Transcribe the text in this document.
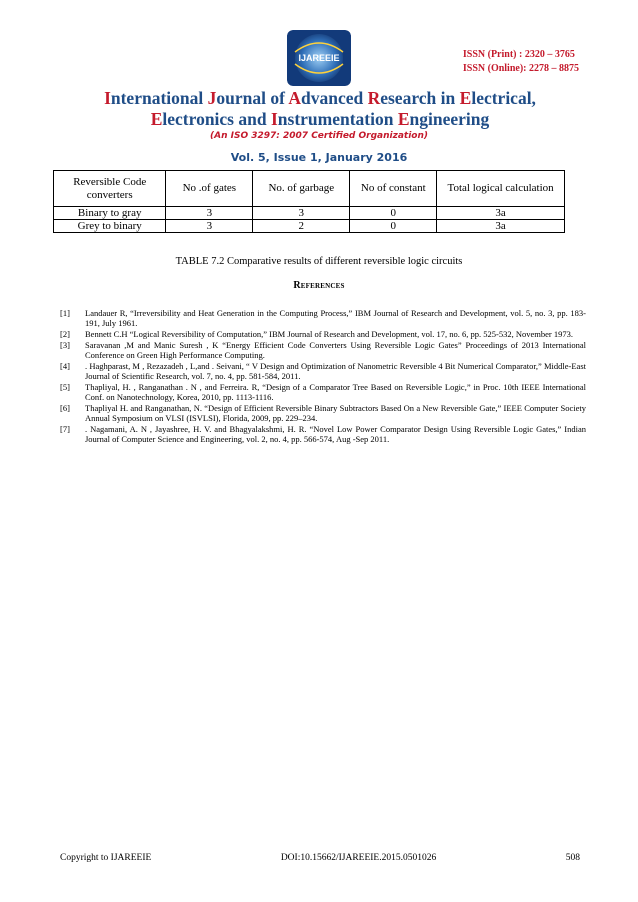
IJAREEIE	ISSN (Print) : 2320 – 3765
ISSN (Online): 2278 – 8875
International Journal of Advanced Research in Electrical,
Electronics and Instrumentation Engineering
(An ISO 3297: 2007 Certified Organization)
Vol. 5, Issue 1, January 2016
Reversible Code converters	No .of gates	No. of garbage	No of constant	Total logical calculation
Binary to gray	3	3	0	3a
Grey to binary	3	2	0	3a
TABLE 7.2 Comparative results of different reversible logic circuits
References
[1]	Landauer R, “Irreversibility and Heat Generation in the Computing Process,” IBM Journal of Research and Development, vol. 5, no. 3, pp. 183- 191, July 1961.
[2]	Bennett C.H “Logical Reversibility of Computation,” IBM Journal of Research and Development, vol. 17, no. 6, pp. 525-532, November 1973.
[3]	Saravanan ,M and Manic Suresh , K “Energy Efficient Code Converters Using Reversible Logic Gates” Proceedings of 2013 International Conference on Green High Performance Computing.
[4]	. Haghparast, M , Rezazadeh , L,and . Seivani, “ V Design and Optimization of Nanometric Reversible 4 Bit Numerical Comparator,” Middle-East Journal of Scientific Research, vol. 7, no. 4, pp. 581-584, 2011.
[5]	Thapliyal, H. , Ranganathan . N , and Ferreira. R, “Design of a Comparator Tree Based on Reversible Logic,” in Proc. 10th IEEE International Conf. on Nanotechnology, Korea, 2010, pp. 1113-1116.
[6]	Thapliyal H. and Ranganathan, N. “Design of Efficient Reversible Binary Subtractors Based On a New Reversible Gate,” IEEE Computer Society Annual Symposium on VLSI (ISVLSI), Florida, 2009, pp. 229–234.
[7]	. Nagamani, A. N , Jayashree, H. V. and Bhagyalakshmi, H. R. “Novel Low Power Comparator Design Using Reversible Logic Gates,” Indian Journal of Computer Science and Engineering, vol. 2, no. 4, pp. 566-574, Aug -Sep 2011.
Copyright to IJAREEIE	DOI:10.15662/IJAREEIE.2015.0501026	508
